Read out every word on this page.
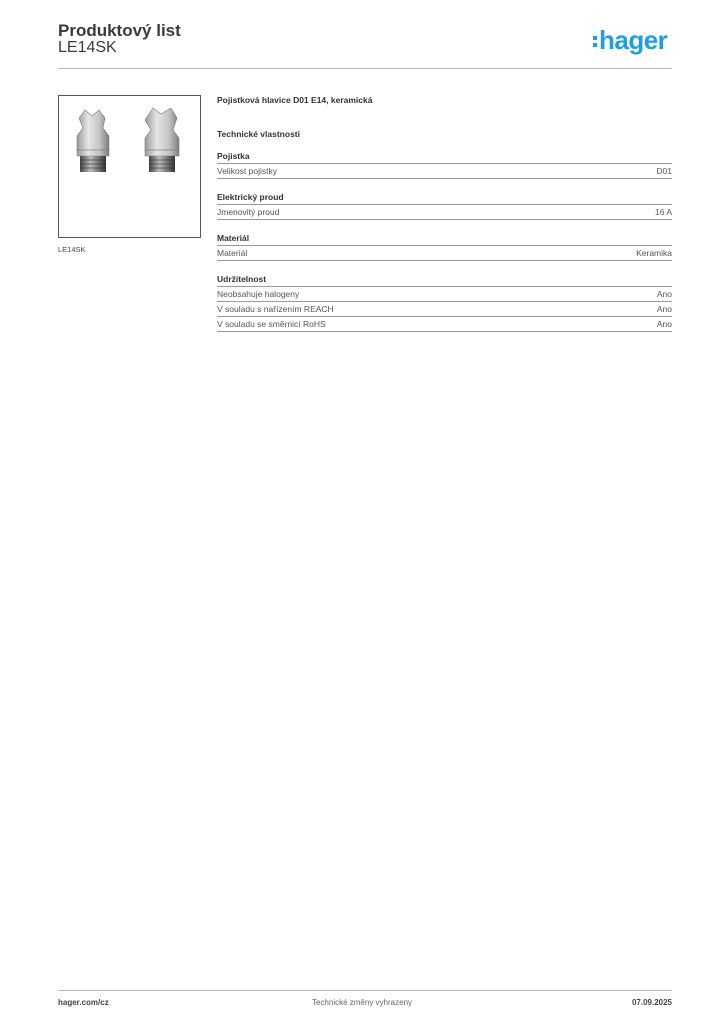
Produktový list
LE14SK	hager
LE14SK
Pojistková hlavice D01 E14, keramická
Technické vlastnosti
Pojistka
Velikost pojistky	D01
Elektrický proud
Jmenovitý proud	16 A
Materiál
Materiál	Keramika
Udržitelnost
Neobsahuje halogeny	Ano
V souladu s nařízením REACH	Ano
V souladu se směrnicí RoHS	Ano
hager.com/cz	Technické změny vyhrazeny	07.09.2025
